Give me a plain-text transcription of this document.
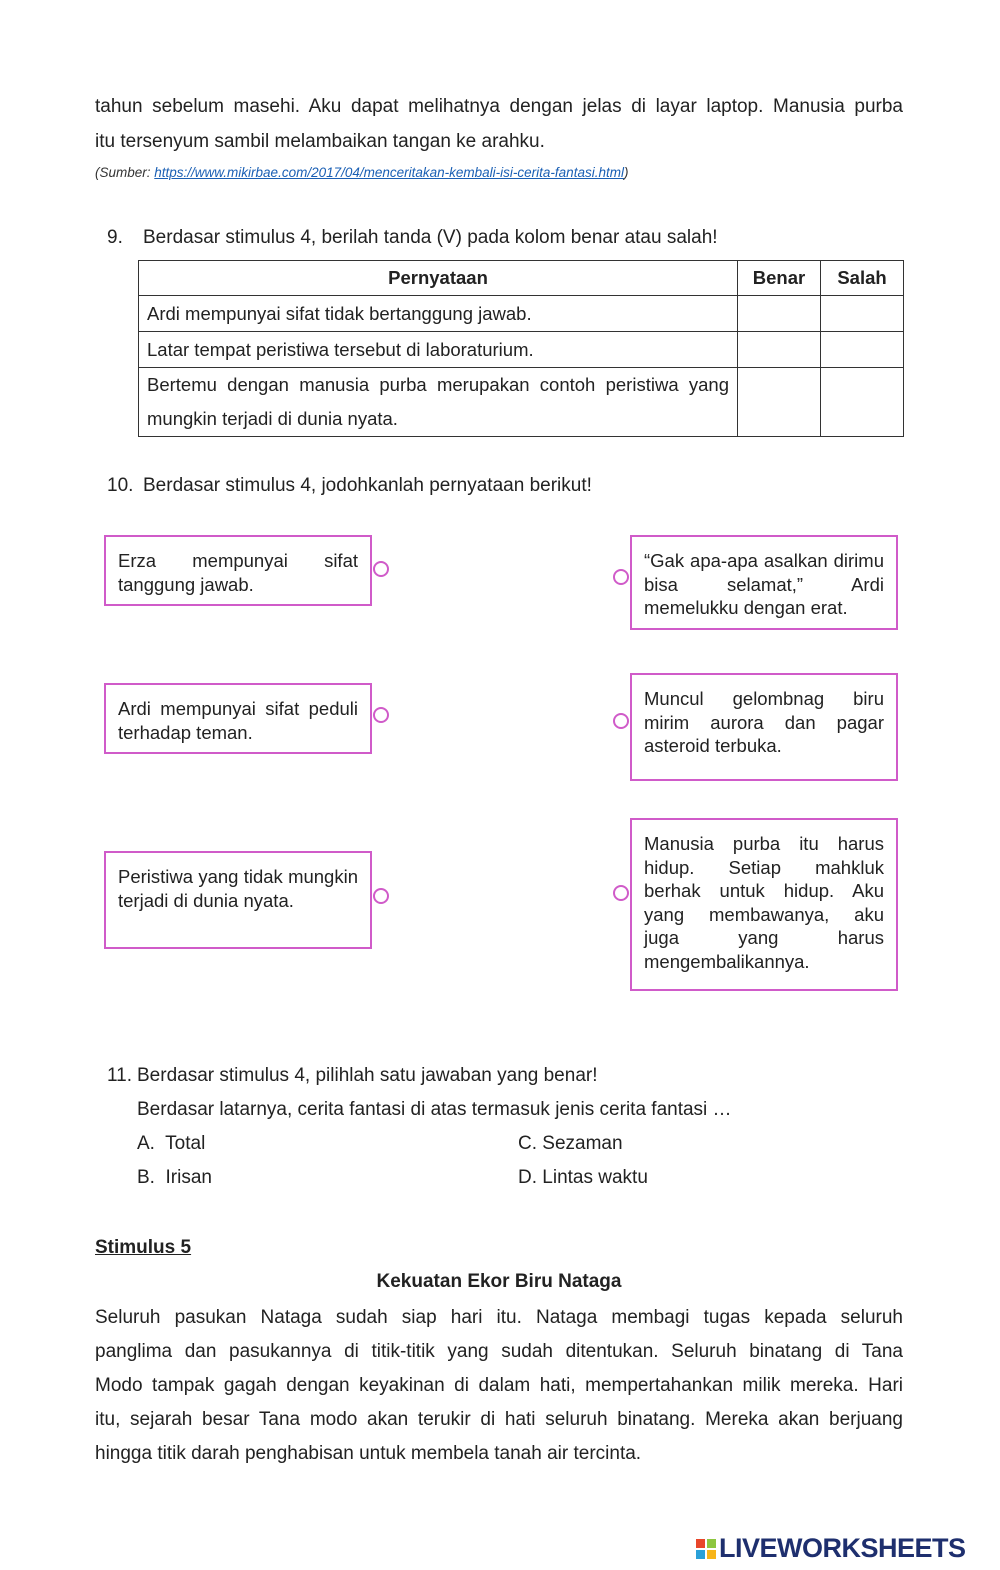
tahun sebelum masehi. Aku dapat melihatnya dengan jelas di layar laptop. Manusia purba
itu tersenyum sambil melambaikan tangan ke arahku.
(Sumber: https://www.mikirbae.com/2017/04/menceritakan-kembali-isi-cerita-fantasi.html)
9. Berdasar stimulus 4, berilah tanda (V) pada kolom benar atau salah!
Pernyataan	Benar	Salah
Ardi mempunyai sifat tidak bertanggung jawab.		
Latar tempat peristiwa tersebut di laboraturium.		
Bertemu dengan manusia purba merupakan contoh peristiwa yang mungkin terjadi di dunia nyata.		
10. Berdasar stimulus 4, jodohkanlah pernyataan berikut!
Erza mempunyai sifat tanggung jawab.
Ardi mempunyai sifat peduli terhadap teman.
Peristiwa yang tidak mungkin terjadi di dunia nyata.
“Gak apa-apa asalkan dirimu bisa selamat,” Ardi memelukku dengan erat.
Muncul gelombnag biru mirim aurora dan pagar asteroid terbuka.
Manusia purba itu harus hidup. Setiap mahkluk berhak untuk hidup. Aku yang membawanya, aku juga yang harus mengembalikannya.
11. Berdasar stimulus 4, pilihlah satu jawaban yang benar!
Berdasar latarnya, cerita fantasi di atas termasuk jenis cerita fantasi …
A.  Total
B.  Irisan
C. Sezaman
D. Lintas waktu
Stimulus 5
Kekuatan Ekor Biru Nataga
Seluruh pasukan Nataga sudah siap hari itu. Nataga membagi tugas kepada seluruh
panglima dan pasukannya di titik-titik yang sudah ditentukan. Seluruh binatang di Tana
Modo tampak gagah dengan keyakinan di dalam hati, mempertahankan milik mereka. Hari
itu, sejarah besar Tana modo akan terukir di hati seluruh binatang. Mereka akan berjuang
hingga titik darah penghabisan untuk membela tanah air tercinta.
LIVEWORKSHEETS
